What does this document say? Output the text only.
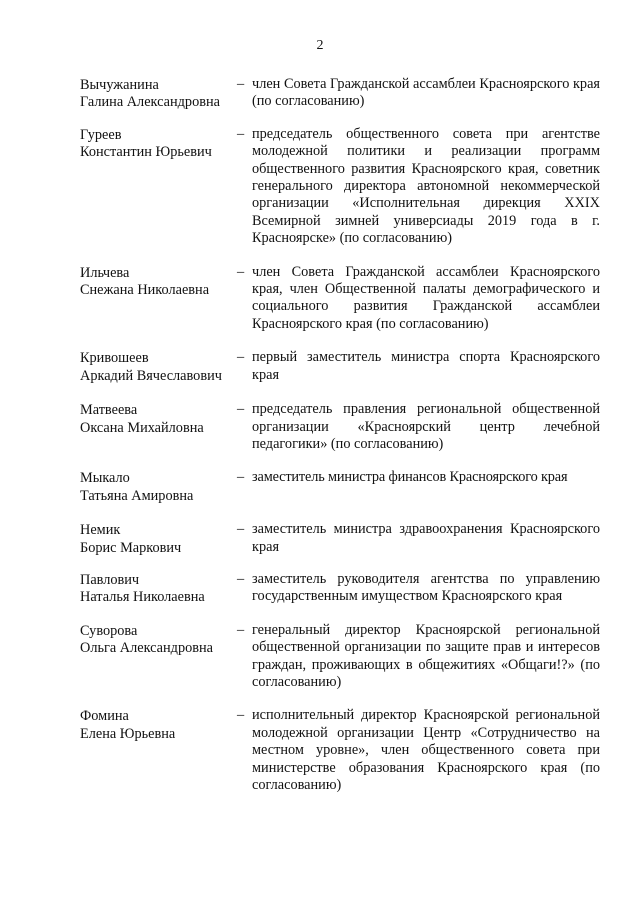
2
Вычужанина
Галина Александровна
– член Совета Гражданской ассамблеи Красноярского края (по согласованию)
Гуреев
Константин Юрьевич
– председатель общественного совета при агентстве молодежной политики и реализации программ общественного развития Красноярского края, советник генерального директора автономной некоммерческой организации «Исполнительная дирекция XXIX Всемирной зимней универсиады 2019 года в г. Красноярске» (по согласованию)
Ильчева
Снежана Николаевна
– член Совета Гражданской ассамблеи Красноярского края, член Общественной палаты демографического и социального развития Гражданской ассамблеи Красноярского края (по согласованию)
Кривошеев
Аркадий Вячеславович
– первый заместитель министра спорта Красноярского края
Матвеева
Оксана Михайловна
– председатель правления региональной общественной организации «Красноярский центр лечебной педагогики» (по согласованию)
Мыкало
Татьяна Амировна
– заместитель министра финансов Красноярского края
Немик
Борис Маркович
– заместитель министра здравоохранения Красноярского края
Павлович
Наталья Николаевна
– заместитель руководителя агентства по управлению государственным имуществом Красноярского края
Суворова
Ольга Александровна
– генеральный директор Красноярской региональной общественной организации по защите прав и интересов граждан, проживающих в общежитиях «Общаги!?» (по согласованию)
Фомина
Елена Юрьевна
– исполнительный директор Красноярской региональной молодежной организации Центр «Сотрудничество на местном уровне», член общественного совета при министерстве образования Красноярского края (по согласованию)
